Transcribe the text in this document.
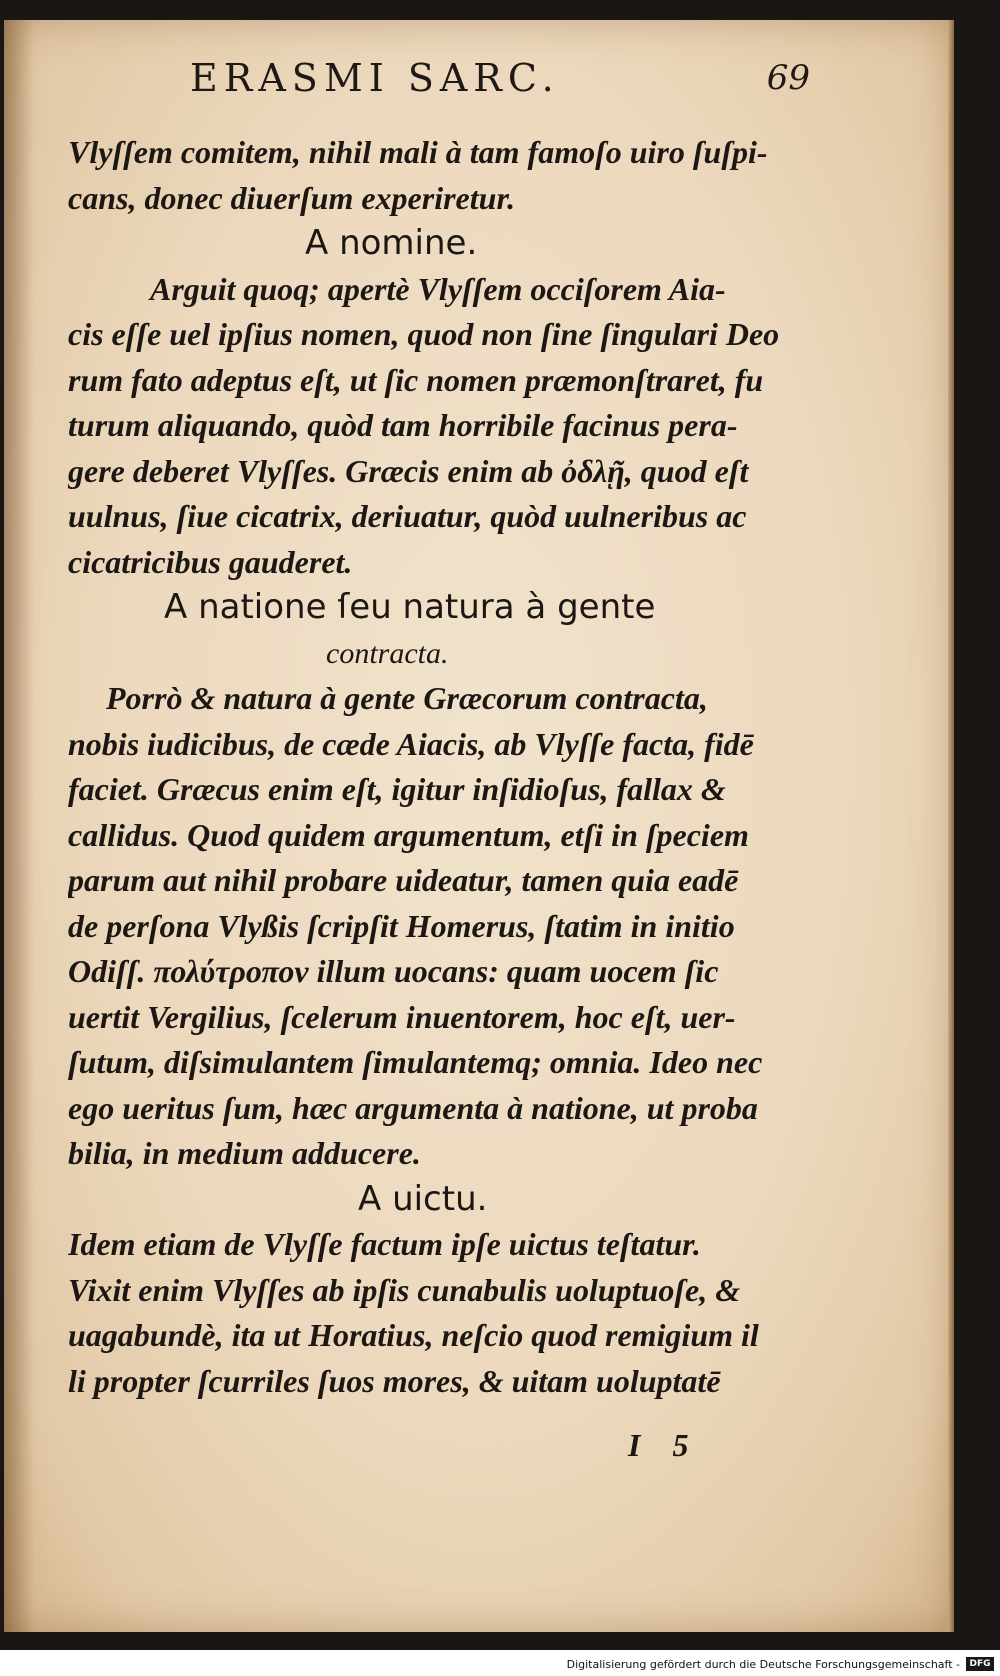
ERASMI SARC.	69
Vlyſſem comitem, nihil mali à tam famoſo uiro ſuſpi-
cans, donec diuerſum experiretur.
A nomine.
Arguit quoq; apertè Vlyſſem occiſorem Aia-
cis eſſe uel ipſius nomen, quod non ſine ſingulari Deo
rum fato adeptus eſt, ut ſic nomen præmonſtraret, fu
turum aliquando, quòd tam horribile facinus pera-
gere deberet Vlyſſes. Græcis enim ab ὀδλῇ, quod eſt
uulnus, ſiue cicatrix, deriuatur, quòd uulneribus ac
cicatricibus gauderet.
A natione ſeu natura à gente
contracta.
Porrò & natura à gente Græcorum contracta,
nobis iudicibus, de cæde Aiacis, ab Vlyſſe facta, fidē
faciet. Græcus enim eſt, igitur inſidioſus, fallax &
callidus. Quod quidem argumentum, etſi in ſpeciem
parum aut nihil probare uideatur, tamen quia eadē
de perſona Vlyßis ſcripſit Homerus, ſtatim in initio
Odiſſ. πολύτροπον illum uocans: quam uocem ſic
uertit Vergilius, ſcelerum inuentorem, hoc eſt, uer-
ſutum, diſsimulantem ſimulantemq; omnia. Ideo nec
ego ueritus ſum, hæc argumenta à natione, ut proba
bilia, in medium adducere.
A uictu.
Idem etiam de Vlyſſe factum ipſe uictus teſtatur.
Vixit enim Vlyſſes ab ipſis cunabulis uoluptuoſe, &
uagabundè, ita ut Horatius, neſcio quod remigium il
li propter ſcurriles ſuos mores, & uitam uoluptatē
I 5
Digitalisierung gefördert durch die Deutsche Forschungsgemeinschaft -	DFG
